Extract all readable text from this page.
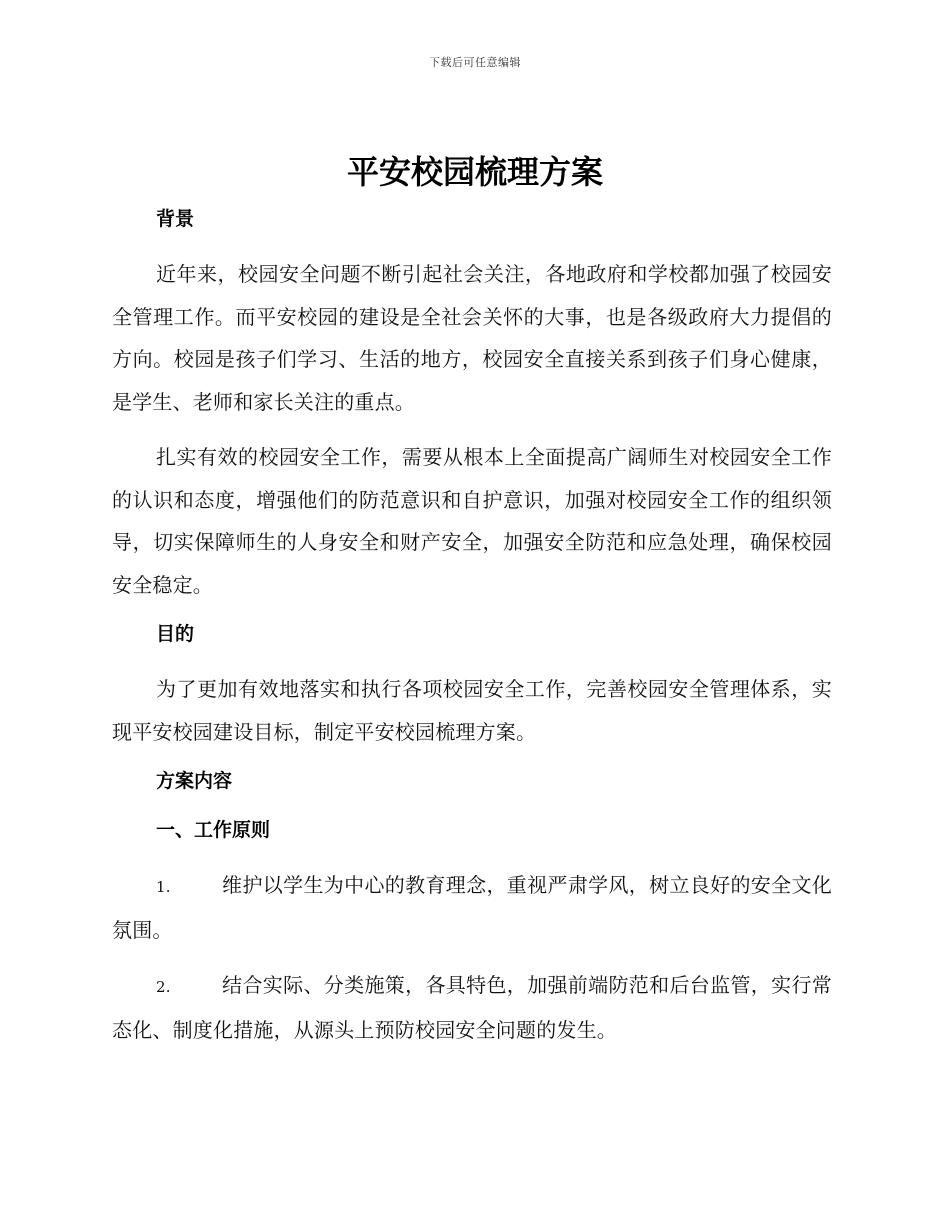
下载后可任意编辑
平安校园梳理方案
背景

近年来，校园安全问题不断引起社会关注，各地政府和学校都加强了校园安全管理工作。而平安校园的建设是全社会关怀的大事，也是各级政府大力提倡的方向。校园是孩子们学习、生活的地方，校园安全直接关系到孩子们身心健康，是学生、老师和家长关注的重点。

扎实有效的校园安全工作，需要从根本上全面提高广阔师生对校园安全工作的认识和态度，增强他们的防范意识和自护意识，加强对校园安全工作的组织领导，切实保障师生的人身安全和财产安全，加强安全防范和应急处理，确保校园安全稳定。

目的

为了更加有效地落实和执行各项校园安全工作，完善校园安全管理体系，实现平安校园建设目标，制定平安校园梳理方案。

方案内容
一、工作原则

1.	维护以学生为中心的教育理念，重视严肃学风，树立良好的安全文化氛围。

2.	结合实际、分类施策，各具特色，加强前端防范和后台监管，实行常态化、制度化措施，从源头上预防校园安全问题的发生。
